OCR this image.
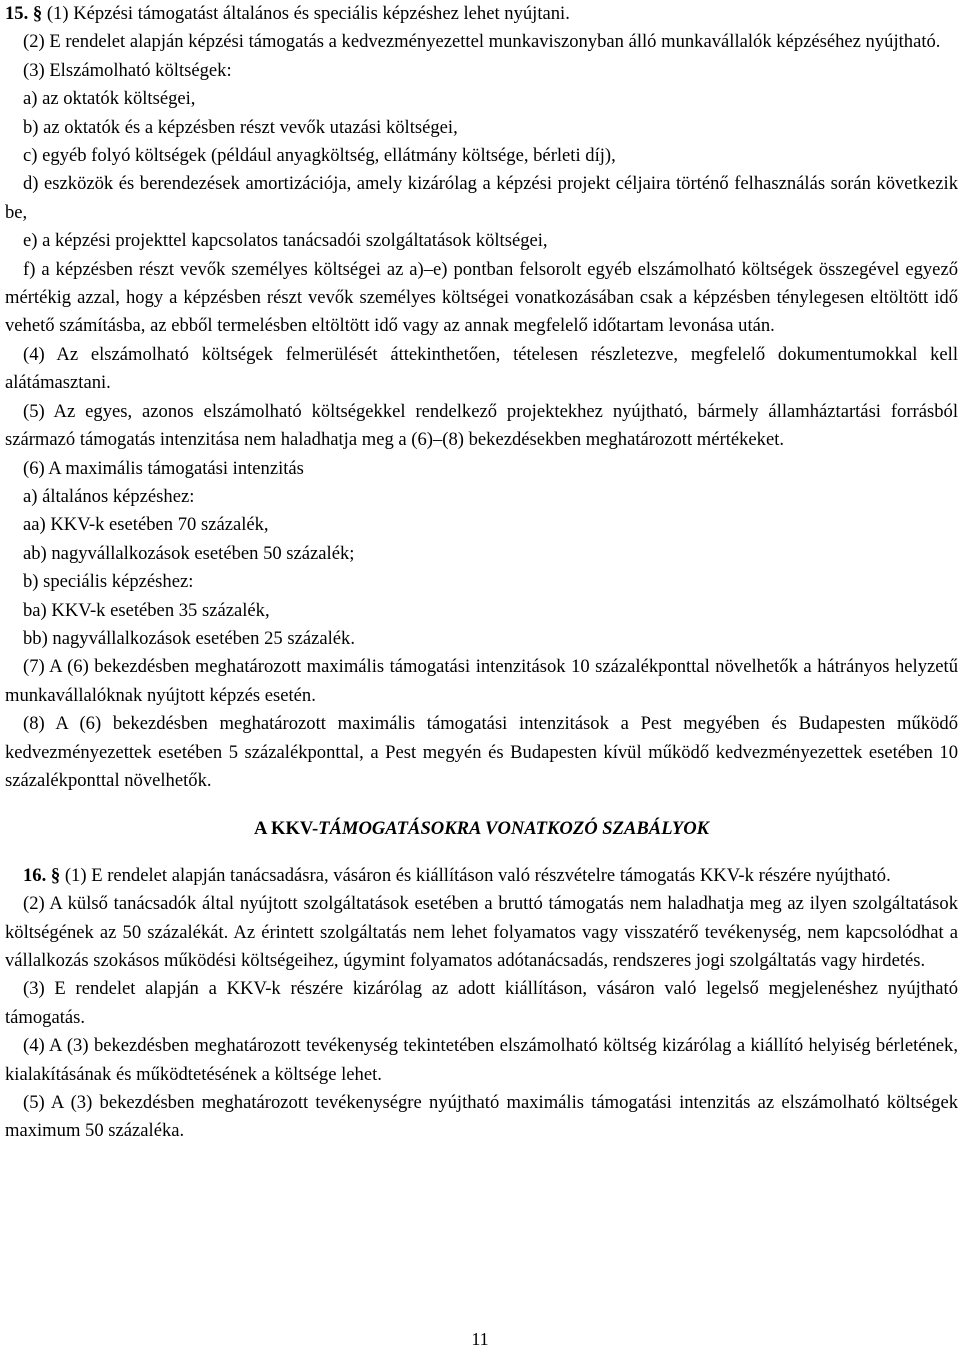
15. § (1) Képzési támogatást általános és speciális képzéshez lehet nyújtani.

(2) E rendelet alapján képzési támogatás a kedvezményezettel munkaviszonyban álló munkavállalók képzéséhez nyújtható.

(3) Elszámolható költségek:

a) az oktatók költségei,

b) az oktatók és a képzésben részt vevők utazási költségei,

c) egyéb folyó költségek (például anyagköltség, ellátmány költsége, bérleti díj),

d) eszközök és berendezések amortizációja, amely kizárólag a képzési projekt céljaira történő felhasználás során következik be,

e) a képzési projekttel kapcsolatos tanácsadói szolgáltatások költségei,

f) a képzésben részt vevők személyes költségei az a)–e) pontban felsorolt egyéb elszámolható költségek összegével egyező mértékig azzal, hogy a képzésben részt vevők személyes költségei vonatkozásában csak a képzésben ténylegesen eltöltött idő vehető számításba, az ebből termelésben eltöltött idő vagy az annak megfelelő időtartam levonása után.

(4) Az elszámolható költségek felmerülését áttekinthetően, tételesen részletezve, megfelelő dokumentumokkal kell alátámasztani.

(5) Az egyes, azonos elszámolható költségekkel rendelkező projektekhez nyújtható, bármely államháztartási forrásból származó támogatás intenzitása nem haladhatja meg a (6)–(8) bekezdésekben meghatározott mértékeket.

(6) A maximális támogatási intenzitás

a) általános képzéshez:

aa) KKV-k esetében 70 százalék,

ab) nagyvállalkozások esetében 50 százalék;

b) speciális képzéshez:

ba) KKV-k esetében 35 százalék,

bb) nagyvállalkozások esetében 25 százalék.

(7) A (6) bekezdésben meghatározott maximális támogatási intenzitások 10 százalékponttal növelhetők a hátrányos helyzetű munkavállalóknak nyújtott képzés esetén.

(8) A (6) bekezdésben meghatározott maximális támogatási intenzitások a Pest megyében és Budapesten működő kedvezményezettek esetében 5 százalékponttal, a Pest megyén és Budapesten kívül működő kedvezményezettek esetében 10 százalékponttal növelhetők.

A KKV-TÁMOGATÁSOKRA VONATKOZÓ SZABÁLYOK

16. § (1) E rendelet alapján tanácsadásra, vásáron és kiállításon való részvételre támogatás KKV-k részére nyújtható.

(2) A külső tanácsadók által nyújtott szolgáltatások esetében a bruttó támogatás nem haladhatja meg az ilyen szolgáltatások költségének az 50 százalékát. Az érintett szolgáltatás nem lehet folyamatos vagy visszatérő tevékenység, nem kapcsolódhat a vállalkozás szokásos működési költségeihez, úgymint folyamatos adótanácsadás, rendszeres jogi szolgáltatás vagy hirdetés.

(3) E rendelet alapján a KKV-k részére kizárólag az adott kiállításon, vásáron való legelső megjelenéshez nyújtható támogatás.

(4) A (3) bekezdésben meghatározott tevékenység tekintetében elszámolható költség kizárólag a kiállító helyiség bérletének, kialakításának és működtetésének a költsége lehet.

(5) A (3) bekezdésben meghatározott tevékenységre nyújtható maximális támogatási intenzitás az elszámolható költségek maximum 50 százaléka.

11
